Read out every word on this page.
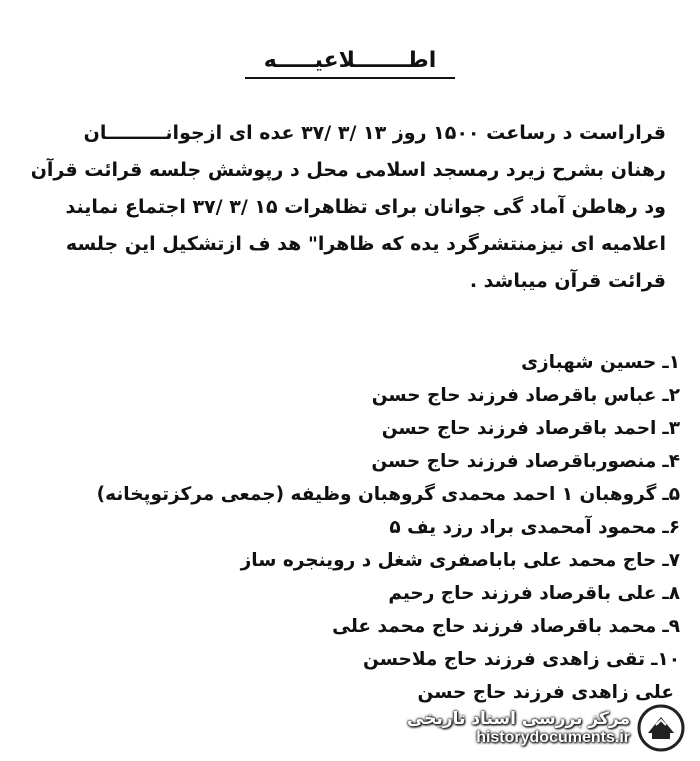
اطـــــــلاعيـــــه
قراراست د رساعت ۱۵۰۰ روز ۱۳ /۳ /۳۷ عده ای ازجوانـــــــــان
رهنان بشرح زیرد رمسجد اسلامی محل د رپوشش جلسه قرائت قرآن
ود رهاطن آماد گی جوانان برای تظاهرات ۱۵ /۳ /۳۷ اجتماع نمایند
اعلامیه ای نیزمنتشرگرد یده که ظاهرا" هد ف ازتشکیل این جلسه
قرائت قرآن میباشد .
۱ـحسین شهبازی
۲ـعباس باقرصاد فرزند حاج حسن
۳ـاحمد باقرصاد فرزند حاج حسن
۴ـمنصورباقرصاد فرزند حاج حسن
۵ـگروهبان ۱ احمد محمدی گروهبان وظیفه (جمعی مرکزتوپخانه)
۶ـمحمود آمحمدی براد رزد یف ۵
۷ـحاج محمد علی باباصفری شغل د روینجره ساز
۸ـعلی باقرصاد فرزند حاج رحیم
۹ـمحمد باقرصاد فرزند حاج محمد علی
۱۰ـتقی زاهدی فرزند حاج ملاحسن
علی زاهدی فرزند حاج حسن
مرکز بررسی اسناد تاریخی
historydocuments.ir
